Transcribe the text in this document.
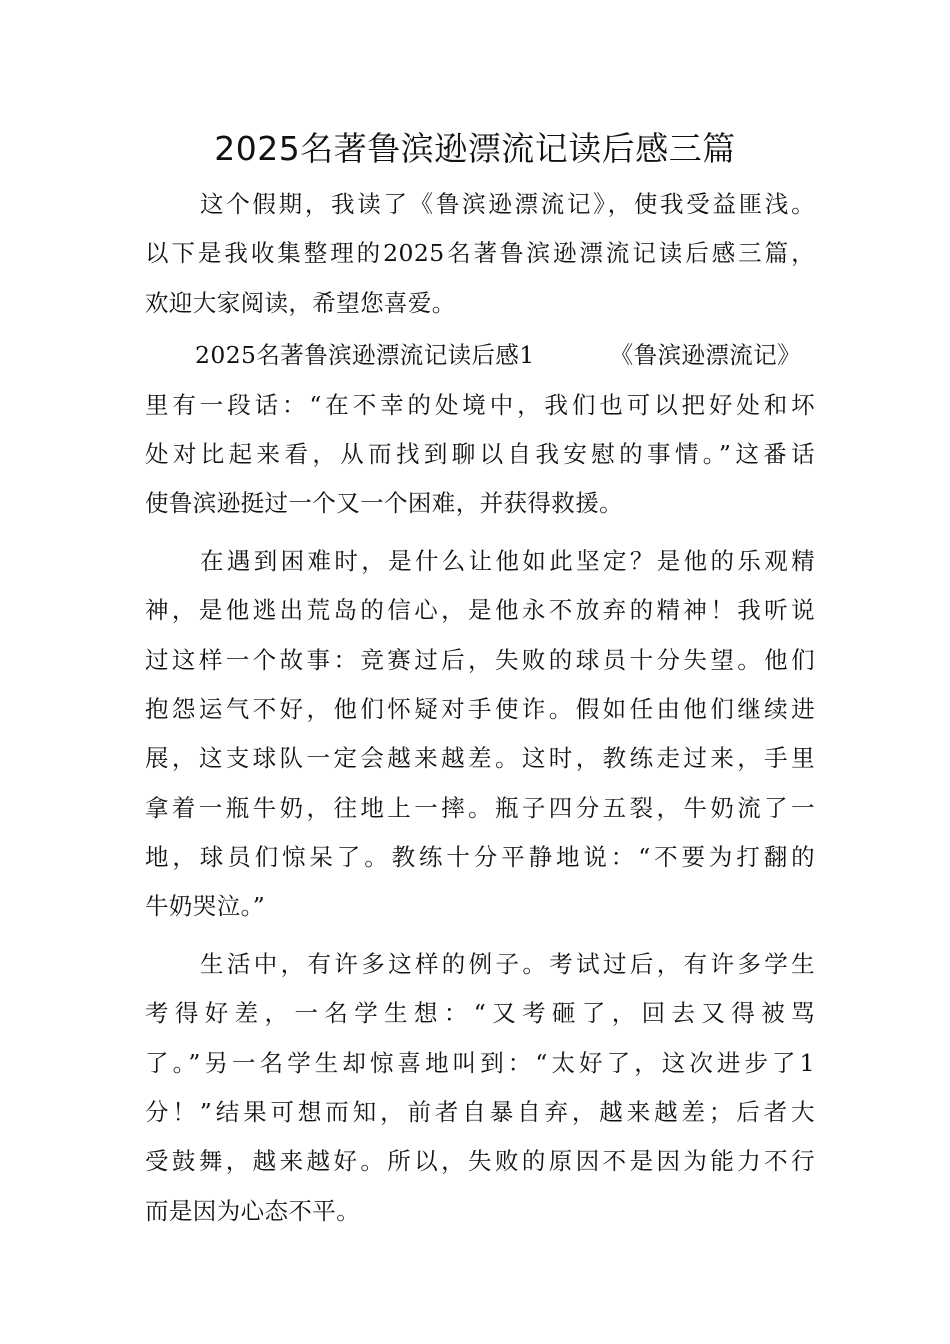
2025名著鲁滨逊漂流记读后感三篇
这个假期，我读了《鲁滨逊漂流记》，使我受益匪浅。
以下是我收集整理的2025名著鲁滨逊漂流记读后感三篇，
欢迎大家阅读，希望您喜爱。
2025名著鲁滨逊漂流记读后感1	《鲁滨逊漂流记》
里有一段话：“在不幸的处境中，我们也可以把好处和坏
处对比起来看，从而找到聊以自我安慰的事情。”这番话
使鲁滨逊挺过一个又一个困难，并获得救援。
在遇到困难时，是什么让他如此坚定？是他的乐观精
神，是他逃出荒岛的信心，是他永不放弃的精神！我听说
过这样一个故事：竞赛过后，失败的球员十分失望。他们
抱怨运气不好，他们怀疑对手使诈。假如任由他们继续进
展，这支球队一定会越来越差。这时，教练走过来，手里
拿着一瓶牛奶，往地上一摔。瓶子四分五裂，牛奶流了一
地，球员们惊呆了。教练十分平静地说：“不要为打翻的
牛奶哭泣。”
生活中，有许多这样的例子。考试过后，有许多学生
考得好差，一名学生想：“又考砸了，回去又得被骂
了。”另一名学生却惊喜地叫到：“太好了，这次进步了1
分！”结果可想而知，前者自暴自弃，越来越差；后者大
受鼓舞，越来越好。所以，失败的原因不是因为能力不行
而是因为心态不平。
